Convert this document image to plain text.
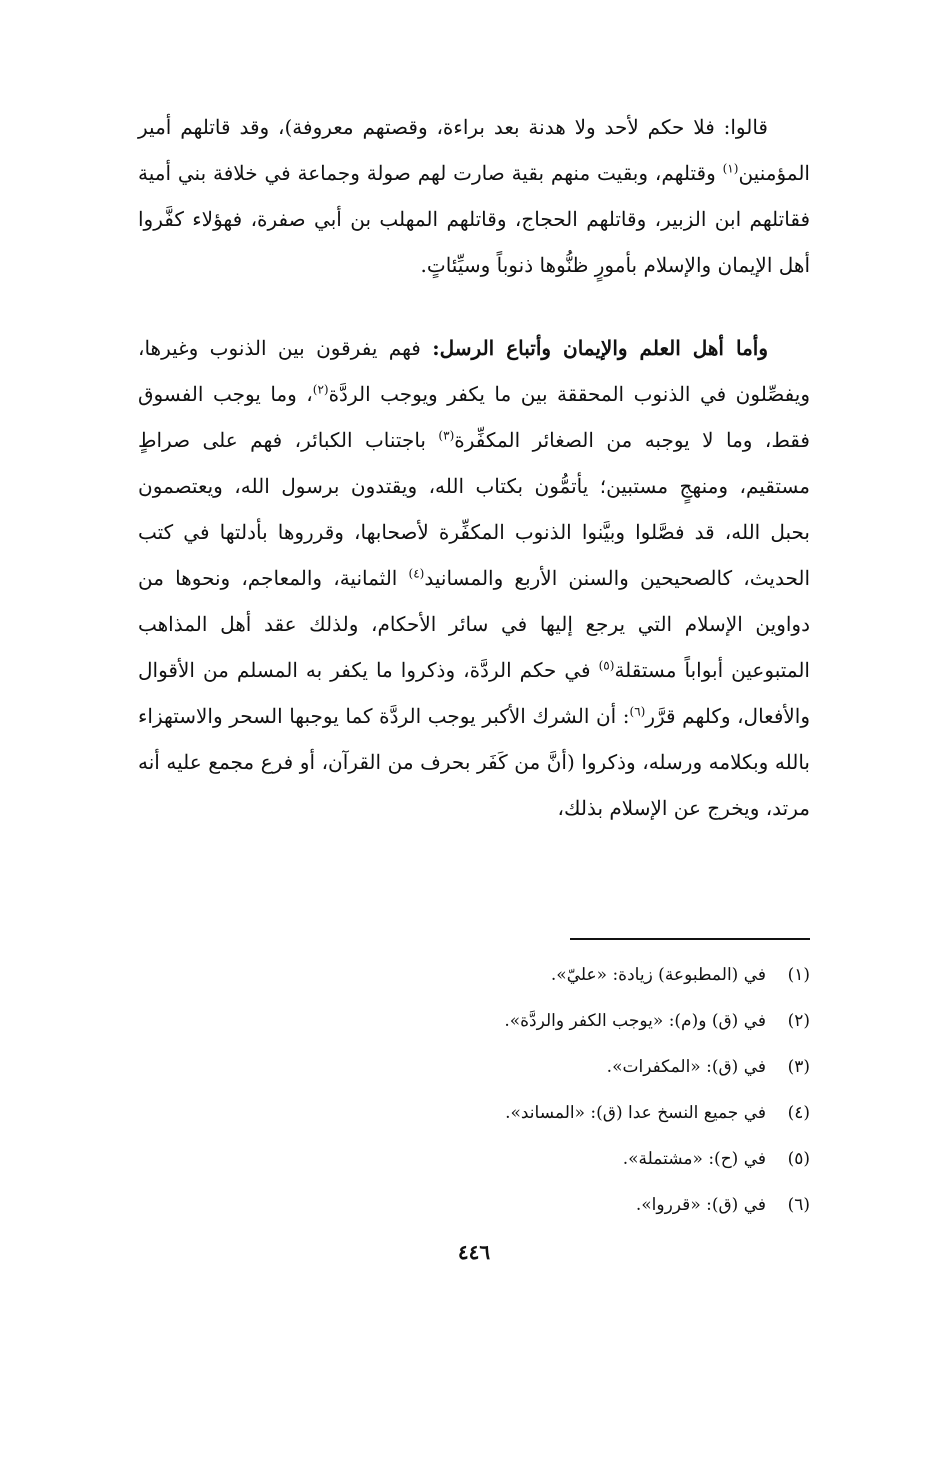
قالوا: فلا حكم لأحد ولا هدنة بعد براءة، وقصتهم معروفة)، وقد قاتلهم أمير المؤمنين$^{(١)}$ وقتلهم، وبقيت منهم بقية صارت لهم صولة وجماعة في خلافة بني أمية فقاتلهم ابن الزبير، وقاتلهم الحجاج، وقاتلهم المهلب بن أبي صفرة، فهؤلاء كفَّروا أهل الإيمان والإسلام بأمورٍ ظنُّوها ذنوباً وسيِّئاتٍ.

وأما أهل العلم والإيمان وأتباع الرسل: فهم يفرقون بين الذنوب وغيرها، ويفصِّلون في الذنوب المحققة بين ما يكفر ويوجب الردَّة$^{(٢)}$، وما يوجب الفسوق فقط، وما لا يوجبه من الصغائر المكفِّرة$^{(٣)}$ باجتناب الكبائر، فهم على صراطٍ مستقيم، ومنهجٍ مستبين؛ يأتمُّون بكتاب الله، ويقتدون برسول الله، ويعتصمون بحبل الله، قد فصَّلوا وبيَّنوا الذنوب المكفِّرة لأصحابها، وقرروها بأدلتها في كتب الحديث، كالصحيحين والسنن الأربع والمسانيد$^{(٤)}$ الثمانية، والمعاجم، ونحوها من دواوين الإسلام التي يرجع إليها في سائر الأحكام، ولذلك عقد أهل المذاهب المتبوعين أبواباً مستقلة$^{(٥)}$ في حكم الردَّة، وذكروا ما يكفر به المسلم من الأقوال والأفعال، وكلهم قرَّر$^{(٦)}$: أن الشرك الأكبر يوجب الردَّة كما يوجبها السحر والاستهزاء بالله وبكلامه ورسله، وذكروا (أنَّ من كَفَر بحرف من القرآن، أو فرع مجمع عليه أنه مرتد، ويخرج عن الإسلام بذلك،

(١)في (المطبوعة) زيادة: «عليّ».
(٢)في (ق) و(م): «يوجب الكفر والردَّة».
(٣)في (ق): «المكفرات».
(٤)في جميع النسخ عدا (ق): «المساند».
(٥)في (ح): «مشتملة».
(٦)في (ق): «قرروا».
٤٤٦
